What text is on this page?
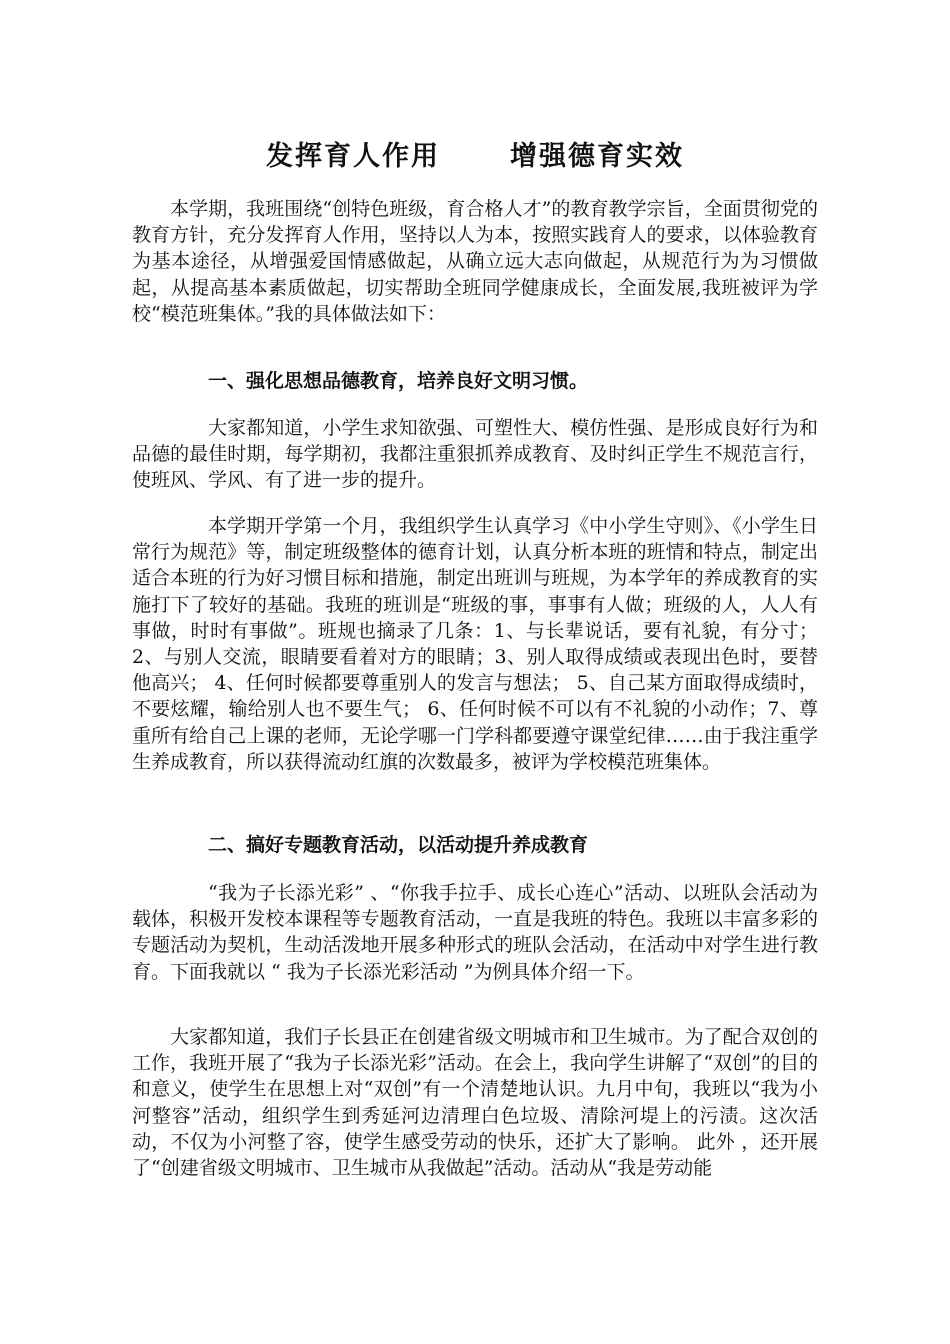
发挥育人作用	增强德育实效

本学期，我班围绕“创特色班级，育合格人才”的教育教学宗旨，全面贯彻党的教育方针，充分发挥育人作用，坚持以人为本，按照实践育人的要求，以体验教育为基本途径，从增强爱国情感做起，从确立远大志向做起，从规范行为为习惯做起，从提高基本素质做起，切实帮助全班同学健康成长，全面发展,我班被评为学校“模范班集体。”我的具体做法如下：

一、强化思想品德教育，培养良好文明习惯。

大家都知道，小学生求知欲强、可塑性大、模仿性强、是形成良好行为和品德的最佳时期，每学期初，我都注重狠抓养成教育、及时纠正学生不规范言行，使班风、学风、有了进一步的提升。

本学期开学第一个月，我组织学生认真学习《中小学生守则》、《小学生日常行为规范》等，制定班级整体的德育计划，认真分析本班的班情和特点，制定出适合本班的行为好习惯目标和措施，制定出班训与班规，为本学年的养成教育的实施打下了较好的基础。我班的班训是“班级的事，事事有人做；班级的人，人人有事做，时时有事做”。班规也摘录了几条：1、与长辈说话，要有礼貌，有分寸；2、与别人交流，眼睛要看着对方的眼睛；3、别人取得成绩或表现出色时，要替他高兴； 4、任何时候都要尊重别人的发言与想法； 5、自己某方面取得成绩时，不要炫耀，输给别人也不要生气； 6、任何时候不可以有不礼貌的小动作；7、尊重所有给自己上课的老师，无论学哪一门学科都要遵守课堂纪律……由于我注重学生养成教育，所以获得流动红旗的次数最多，被评为学校模范班集体。

二、搞好专题教育活动，以活动提升养成教育

“我为子长添光彩” 、“你我手拉手、成长心连心”活动、以班队会活动为载体，积极开发校本课程等专题教育活动，一直是我班的特色。我班以丰富多彩的专题活动为契机，生动活泼地开展多种形式的班队会活动，在活动中对学生进行教育。下面我就以 “ 我为子长添光彩活动 ”为例具体介绍一下。

大家都知道，我们子长县正在创建省级文明城市和卫生城市。为了配合双创的工作，我班开展了“我为子长添光彩”活动。在会上，我向学生讲解了“双创”的目的和意义，使学生在思想上对“双创”有一个清楚地认识。九月中旬，我班以“我为小河整容”活动，组织学生到秀延河边清理白色垃圾、清除河堤上的污渍。这次活动，不仅为小河整了容，使学生感受劳动的快乐，还扩大了影响。 此外 ，还开展了“创建省级文明城市、卫生城市从我做起”活动。活动从“我是劳动能
